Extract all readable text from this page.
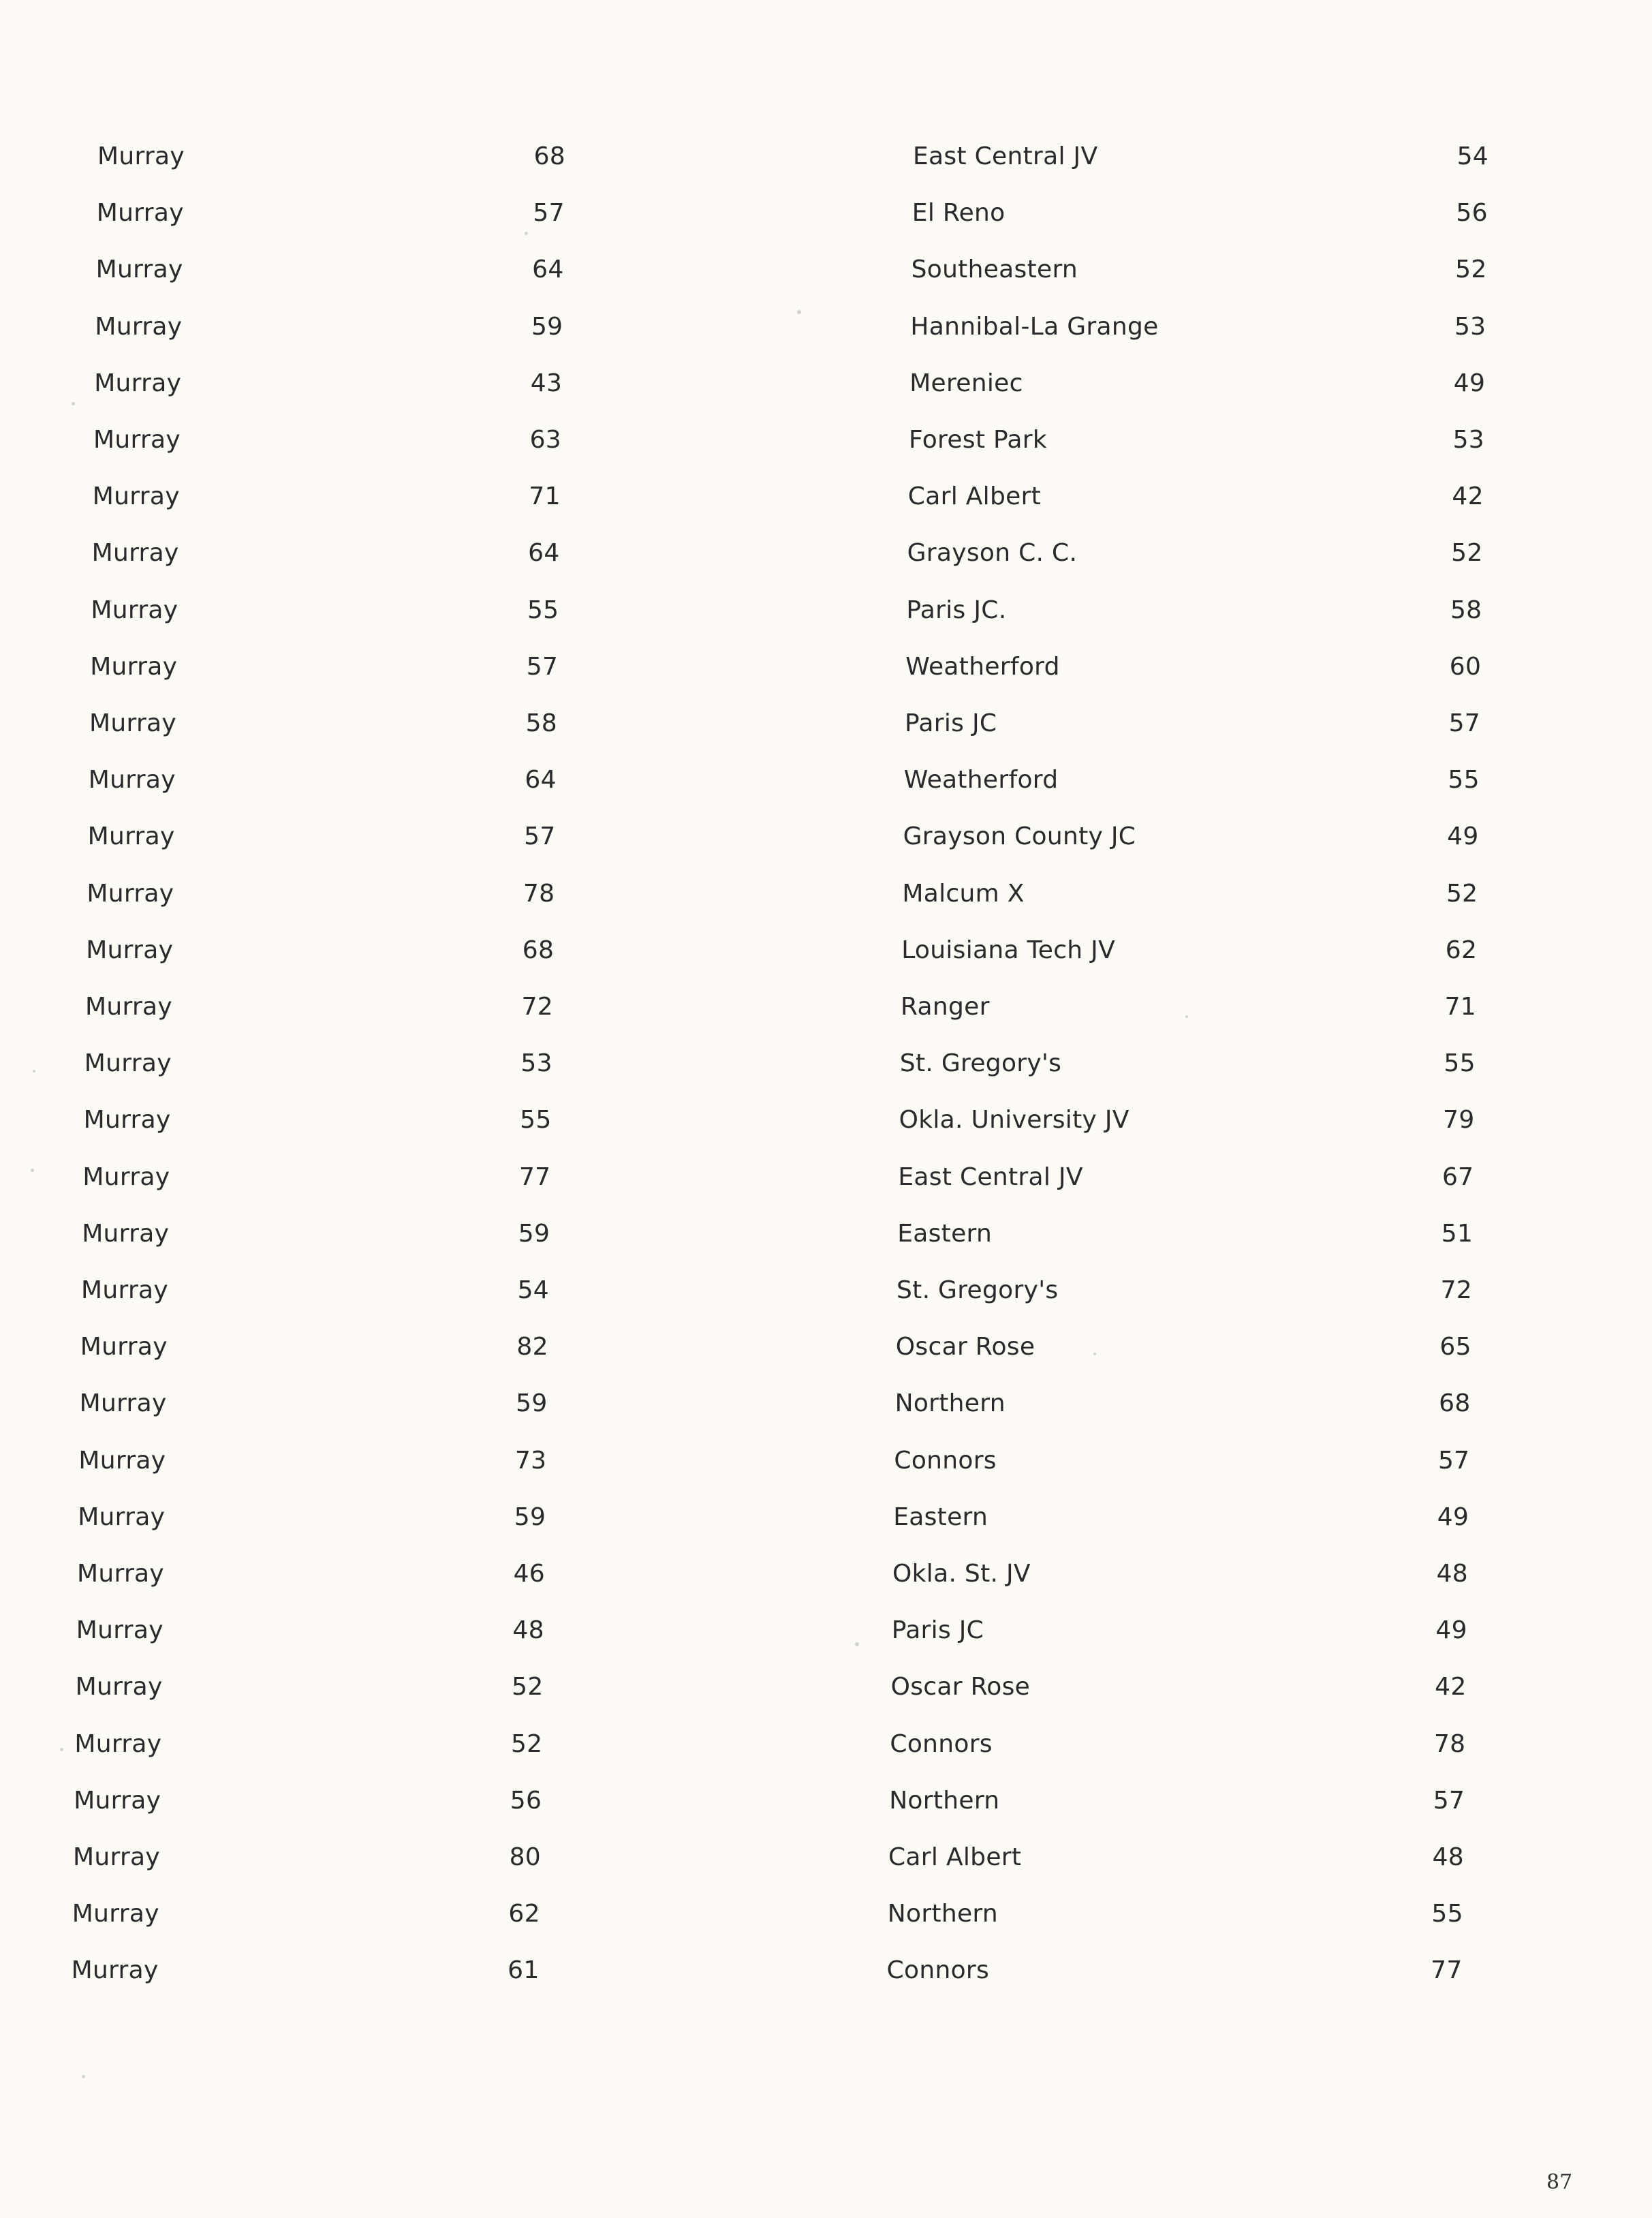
Murray	68	East Central JV	54
Murray	57	El Reno	56
Murray	64	Southeastern	52
Murray	59	Hannibal-La Grange	53
Murray	43	Mereniec	49
Murray	63	Forest Park	53
Murray	71	Carl Albert	42
Murray	64	Grayson C. C.	52
Murray	55	Paris JC.	58
Murray	57	Weatherford	60
Murray	58	Paris JC	57
Murray	64	Weatherford	55
Murray	57	Grayson County JC	49
Murray	78	Malcum X	52
Murray	68	Louisiana Tech JV	62
Murray	72	Ranger	71
Murray	53	St. Gregory's	55
Murray	55	Okla. University JV	79
Murray	77	East Central JV	67
Murray	59	Eastern	51
Murray	54	St. Gregory's	72
Murray	82	Oscar Rose	65
Murray	59	Northern	68
Murray	73	Connors	57
Murray	59	Eastern	49
Murray	46	Okla. St. JV	48
Murray	48	Paris JC	49
Murray	52	Oscar Rose	42
Murray	52	Connors	78
Murray	56	Northern	57
Murray	80	Carl Albert	48
Murray	62	Northern	55
Murray	61	Connors	77
87
